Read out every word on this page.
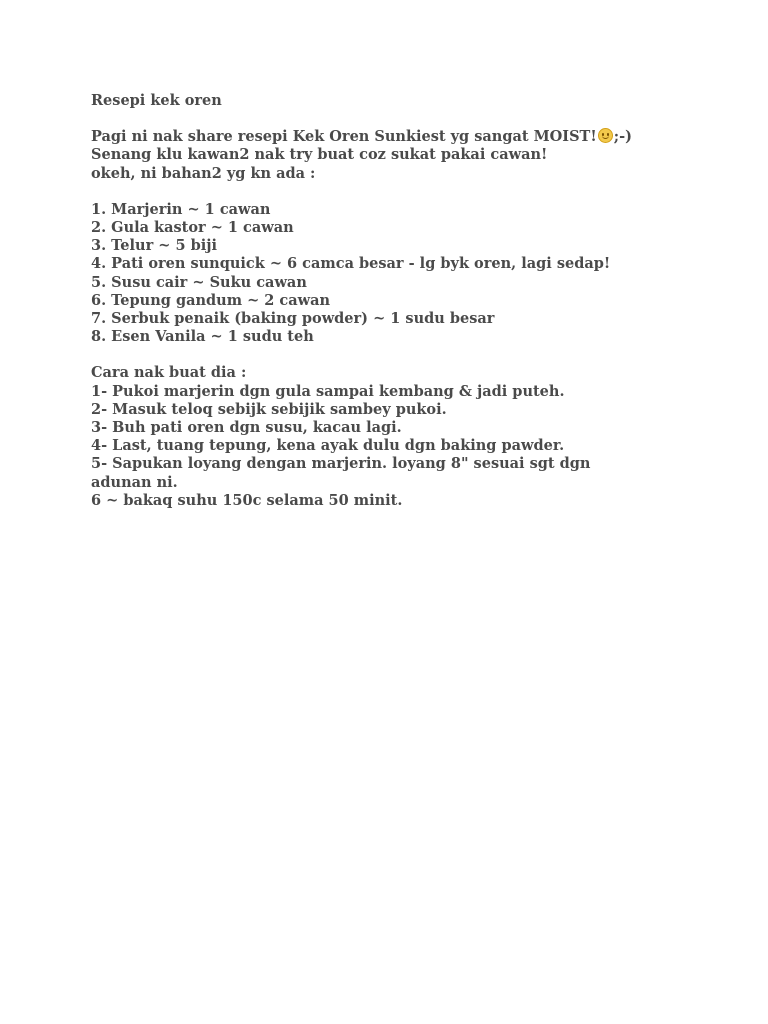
Resepi kek oren

Pagi ni nak share resepi Kek Oren Sunkiest yg sangat MOIST! ;-)
Senang klu kawan2 nak try buat coz sukat pakai cawan!
okeh, ni bahan2 yg kn ada :
1. Marjerin ~ 1 cawan
2. Gula kastor ~ 1 cawan
3. Telur ~ 5 biji
4. Pati oren sunquick ~ 6 camca besar - lg byk oren, lagi sedap!
5. Susu cair ~ Suku cawan
6. Tepung gandum ~ 2 cawan
7. Serbuk penaik (baking powder) ~ 1 sudu besar
8. Esen Vanila ~ 1 sudu teh
Cara nak buat dia :
1- Pukoi marjerin dgn gula sampai kembang & jadi puteh.
2- Masuk teloq sebijk sebijik sambey pukoi.
3- Buh pati oren dgn susu, kacau lagi.
4- Last, tuang tepung, kena ayak dulu dgn baking pawder.
5- Sapukan loyang dengan marjerin. loyang 8" sesuai sgt dgn adunan ni.
6 ~ bakaq suhu 150c selama 50 minit.
